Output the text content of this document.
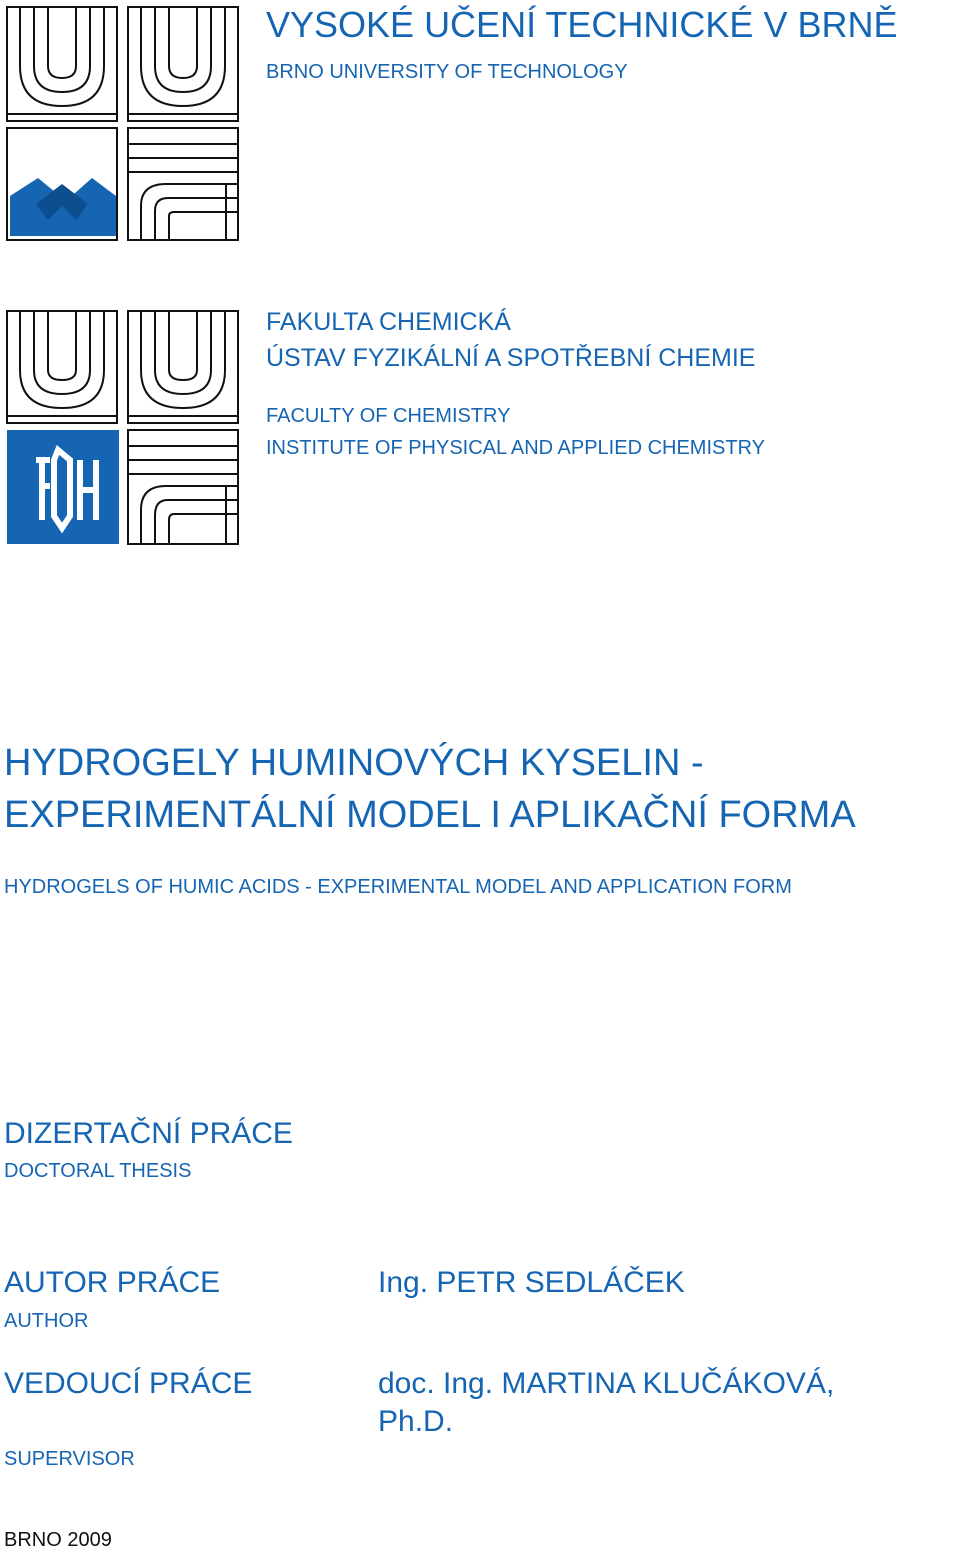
VYSOKÉ UČENÍ TECHNICKÉ V BRNĚ

BRNO UNIVERSITY OF TECHNOLOGY

FAKULTA CHEMICKÁ

ÚSTAV FYZIKÁLNÍ A SPOTŘEBNÍ CHEMIE

FACULTY OF CHEMISTRY

INSTITUTE OF PHYSICAL AND APPLIED CHEMISTRY

HYDROGELY HUMINOVÝCH KYSELIN -

EXPERIMENTÁLNÍ MODEL I APLIKAČNÍ FORMA

HYDROGELS OF HUMIC ACIDS - EXPERIMENTAL MODEL AND APPLICATION FORM

DIZERTAČNÍ PRÁCE

DOCTORAL THESIS

AUTOR PRÁCE

AUTHOR

Ing. PETR SEDLÁČEK

VEDOUCÍ PRÁCE	doc. Ing. MARTINA KLUČÁKOVÁ,

Ph.D.

SUPERVISOR

BRNO 2009
